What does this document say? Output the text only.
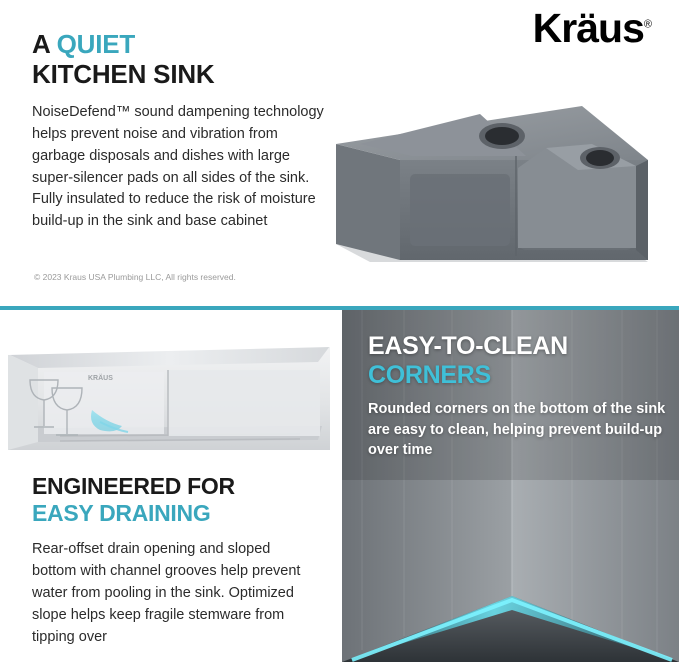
Kräus®
A QUIET
KITCHEN SINK
NoiseDefend™ sound dampening technology helps prevent noise and vibration from garbage disposals and dishes with large super-silencer pads on all sides of the sink. Fully insulated to reduce the risk of moisture build-up in the sink and base cabinet
© 2023 Kraus USA Plumbing LLC, All rights reserved.
KRÄUS
ENGINEERED FOR
EASY DRAINING
Rear-offset drain opening and sloped bottom with channel grooves help prevent water from pooling in the sink. Optimized slope helps keep fragile stemware from tipping over
EASY-TO-CLEAN
CORNERS
Rounded corners on the bottom of the sink are easy to clean, helping prevent build-up over time
